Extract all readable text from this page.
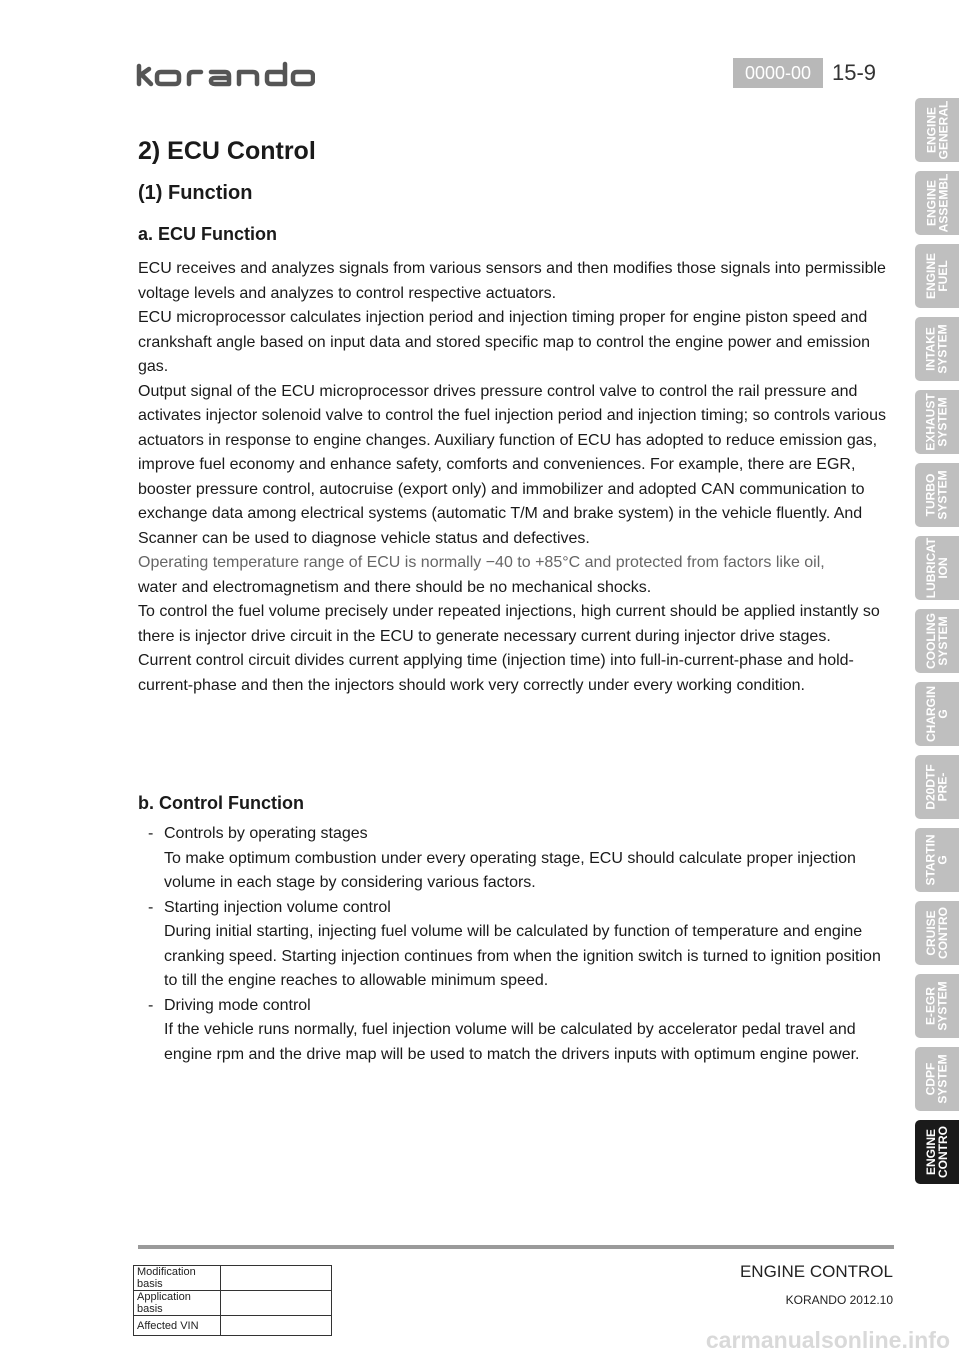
0000-00 15-9
2) ECU Control
(1) Function
a. ECU Function

ECU receives and analyzes signals from various sensors and then modifies those signals into permissible voltage levels and analyzes to control respective actuators.

ECU microprocessor calculates injection period and injection timing proper for engine piston speed and crankshaft angle based on input data and stored specific map to control the engine power and emission gas.

Output signal of the ECU microprocessor drives pressure control valve to control the rail pressure and activates injector solenoid valve to control the fuel injection period and injection timing; so controls various actuators in response to engine changes. Auxiliary function of ECU has adopted to reduce emission gas, improve fuel economy and enhance safety, comforts and conveniences. For example, there are EGR, booster pressure control, autocruise (export only) and immobilizer and adopted CAN communication to exchange data among electrical systems (automatic T/M and brake system) in the vehicle fluently. And Scanner can be used to diagnose vehicle status and defectives.

Operating temperature range of ECU is normally −40 to +85°C and protected from factors like oil,

water and electromagnetism and there should be no mechanical shocks.

To control the fuel volume precisely under repeated injections, high current should be applied instantly so there is injector drive circuit in the ECU to generate necessary current during injector drive stages. Current control circuit divides current applying time (injection time) into full-in-current-phase and hold-current-phase and then the injectors should work very correctly under every working condition.

b. Control Function
- Controls by operating stages
To make optimum combustion under every operating stage, ECU should calculate proper injection volume in each stage by considering various factors.
- Starting injection volume control
During initial starting, injecting fuel volume will be calculated by function of temperature and engine cranking speed. Starting injection continues from when the ignition switch is turned to ignition position to till the engine reaches to allowable minimum speed.
- Driving mode control
If the vehicle runs normally, fuel injection volume will be calculated by accelerator pedal travel and engine rpm and the drive map will be used to match the drivers inputs with optimum engine power.
ENGINE
GENERAL
ENGINE
ASSEMBL
ENGINE
FUEL
INTAKE
SYSTEM
EXHAUST
SYSTEM
TURBO
SYSTEM
LUBRICAT
ION
COOLING
SYSTEM
CHARGIN
G
D20DTF
PRE-
STARTIN
G
CRUISE
CONTRO
E-EGR
SYSTEM
CDPF
SYSTEM
ENGINE
CONTRO
Modification basis	
Application basis	
Affected VIN	
ENGINE CONTROL
KORANDO 2012.10
carmanualsonline.info
